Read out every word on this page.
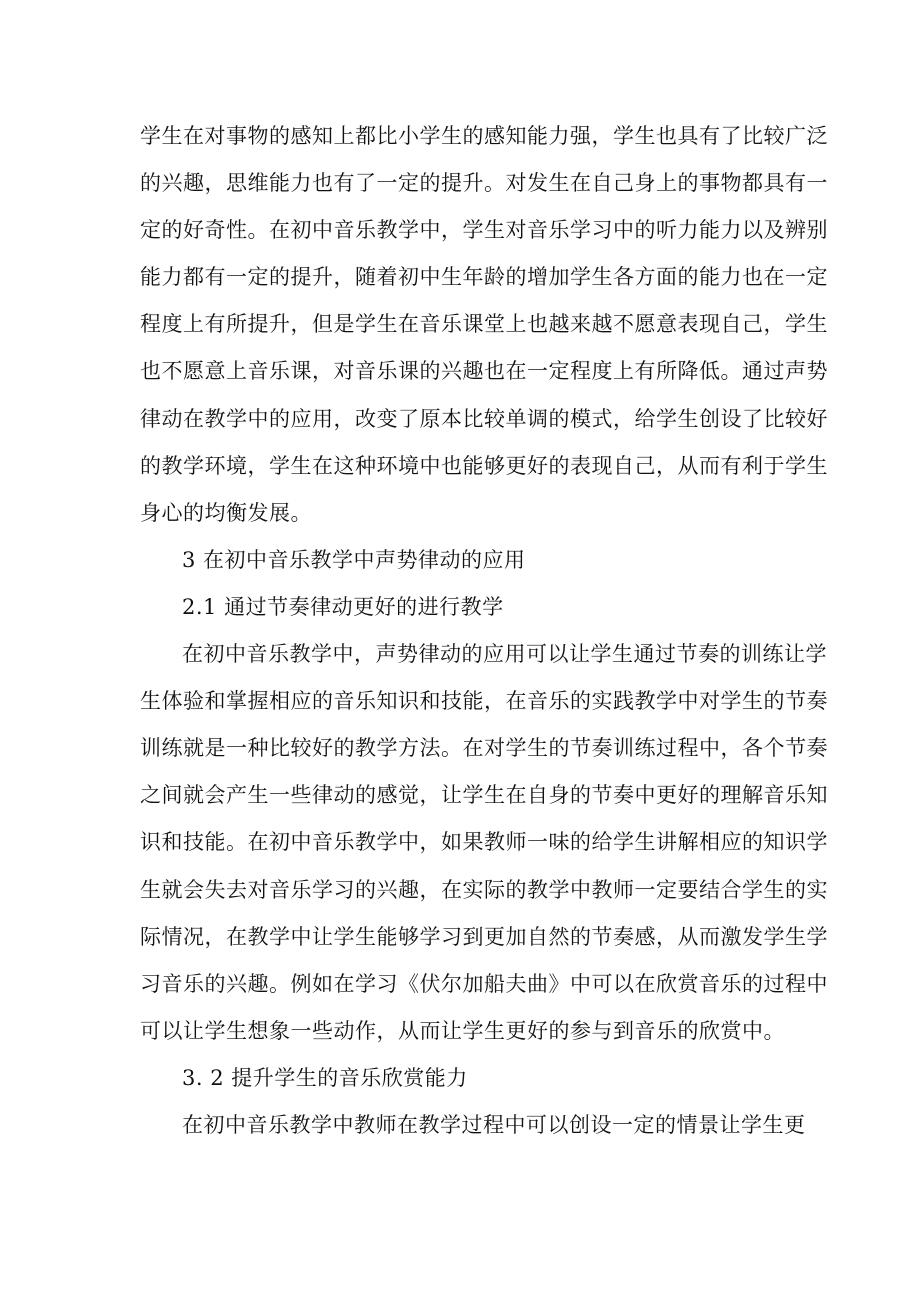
学生在对事物的感知上都比小学生的感知能力强，学生也具有了比较广泛
的兴趣，思维能力也有了一定的提升。对发生在自己身上的事物都具有一
定的好奇性。在初中音乐教学中，学生对音乐学习中的听力能力以及辨别
能力都有一定的提升，随着初中生年龄的增加学生各方面的能力也在一定
程度上有所提升，但是学生在音乐课堂上也越来越不愿意表现自己，学生
也不愿意上音乐课，对音乐课的兴趣也在一定程度上有所降低。通过声势
律动在教学中的应用，改变了原本比较单调的模式，给学生创设了比较好
的教学环境，学生在这种环境中也能够更好的表现自己，从而有利于学生
身心的均衡发展。
3 在初中音乐教学中声势律动的应用
2.1 通过节奏律动更好的进行教学
在初中音乐教学中，声势律动的应用可以让学生通过节奏的训练让学
生体验和掌握相应的音乐知识和技能，在音乐的实践教学中对学生的节奏
训练就是一种比较好的教学方法。在对学生的节奏训练过程中，各个节奏
之间就会产生一些律动的感觉，让学生在自身的节奏中更好的理解音乐知
识和技能。在初中音乐教学中，如果教师一味的给学生讲解相应的知识学
生就会失去对音乐学习的兴趣，在实际的教学中教师一定要结合学生的实
际情况，在教学中让学生能够学习到更加自然的节奏感，从而激发学生学
习音乐的兴趣。例如在学习《伏尔加船夫曲》中可以在欣赏音乐的过程中
可以让学生想象一些动作，从而让学生更好的参与到音乐的欣赏中。
3. 2 提升学生的音乐欣赏能力
在初中音乐教学中教师在教学过程中可以创设一定的情景让学生更
